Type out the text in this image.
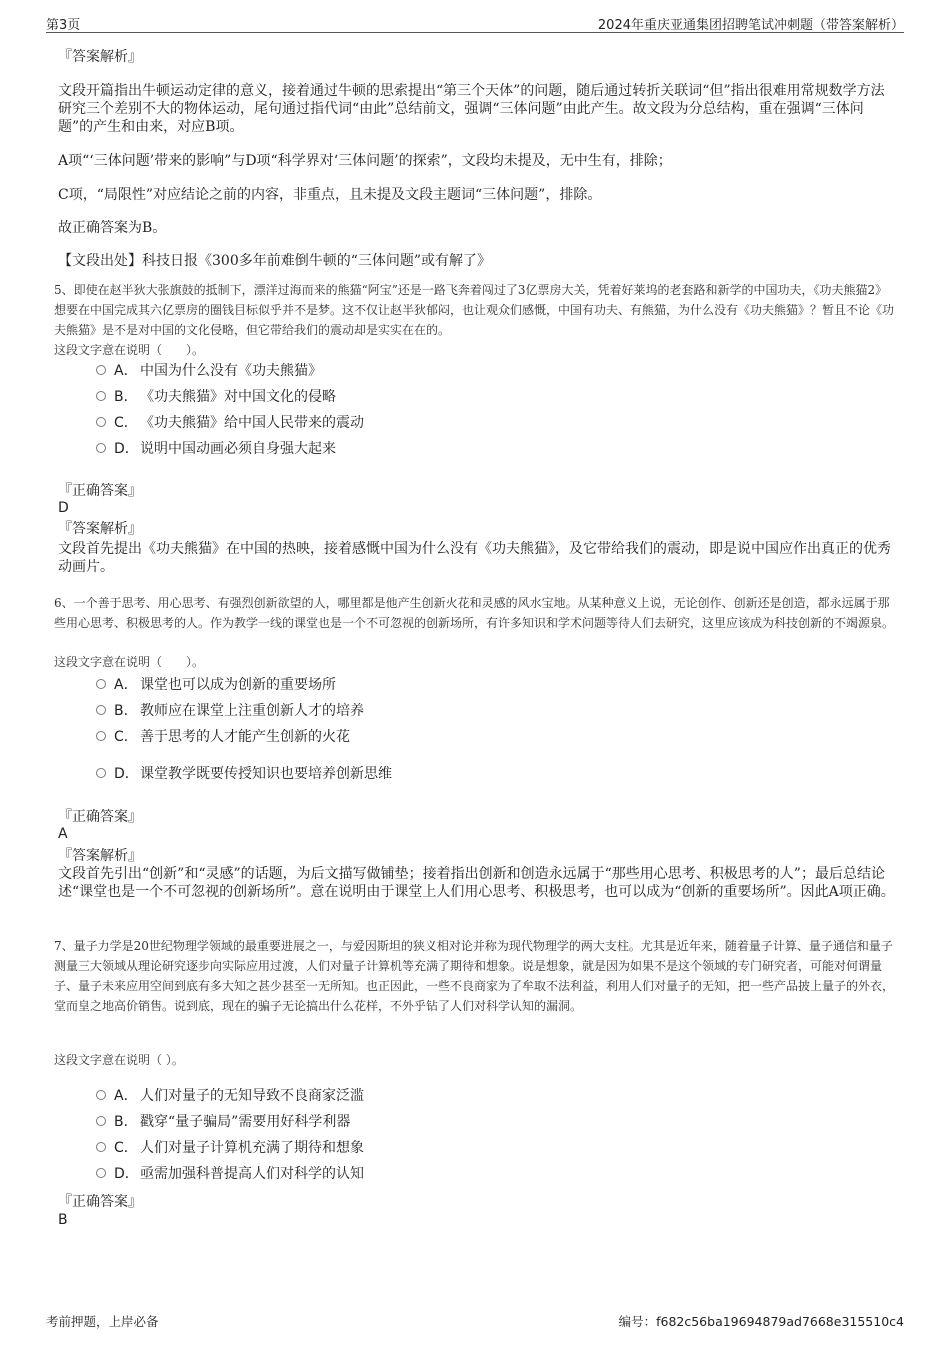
第3页	2024年重庆亚通集团招聘笔试冲刺题（带答案解析）
『答案解析』
文段开篇指出牛顿运动定律的意义，接着通过牛顿的思索提出“第三个天体”的问题，随后通过转折关联词“但”指出很难用常规数学方法研究三个差别不大的物体运动，尾句通过指代词“由此”总结前文，强调“三体问题”由此产生。故文段为分总结构，重在强调“三体问题”的产生和由来，对应B项。
A项“‘三体问题’带来的影响”与D项“科学界对‘三体问题’的探索”，文段均未提及，无中生有，排除；
C项，“局限性”对应结论之前的内容，非重点，且未提及文段主题词“三体问题”，排除。
故正确答案为B。
【文段出处】科技日报《300多年前难倒牛顿的“三体问题”或有解了》
5、即使在赵半狄大张旗鼓的抵制下，漂洋过海而来的熊猫“阿宝”还是一路飞奔着闯过了3亿票房大关，凭着好莱坞的老套路和新学的中国功夫，《功夫熊猫2》想要在中国完成其六亿票房的圈钱目标似乎并不是梦。这不仅让赵半狄郁闷，也让观众们感慨，中国有功夫、有熊猫，为什么没有《功夫熊猫》？暂且不论《功夫熊猫》是不是对中国的文化侵略，但它带给我们的震动却是实实在在的。
这段文字意在说明（　　）。
A． 中国为什么没有《功夫熊猫》
B． 《功夫熊猫》对中国文化的侵略
C． 《功夫熊猫》给中国人民带来的震动
D．说明中国动画必须自身强大起来
『正确答案』
D
『答案解析』
文段首先提出《功夫熊猫》在中国的热映，接着感慨中国为什么没有《功夫熊猫》，及它带给我们的震动，即是说中国应作出真正的优秀动画片。
6、一个善于思考、用心思考、有强烈创新欲望的人，哪里都是他产生创新火花和灵感的风水宝地。从某种意义上说，无论创作、创新还是创造，都永远属于那些用心思考、积极思考的人。作为教学一线的课堂也是一个不可忽视的创新场所，有许多知识和学术问题等待人们去研究，这里应该成为科技创新的不竭源泉。
这段文字意在说明（　　）。
A． 课堂也可以成为创新的重要场所
B． 教师应在课堂上注重创新人才的培养
C． 善于思考的人才能产生创新的火花
D．课堂教学既要传授知识也要培养创新思维
『正确答案』
A
『答案解析』
文段首先引出“创新”和“灵感”的话题，为后文描写做铺垫；接着指出创新和创造永远属于“那些用心思考、积极思考的人”；最后总结论述“课堂也是一个不可忽视的创新场所”。意在说明由于课堂上人们用心思考、积极思考，也可以成为“创新的重要场所”。因此A项正确。
7、量子力学是20世纪物理学领域的最重要进展之一，与爱因斯坦的狭义相对论并称为现代物理学的两大支柱。尤其是近年来，随着量子计算、量子通信和量子测量三大领域从理论研究逐步向实际应用过渡，人们对量子计算机等充满了期待和想象。说是想象，就是因为如果不是这个领域的专门研究者，可能对何谓量子、量子未来应用空间到底有多大知之甚少甚至一无所知。也正因此，一些不良商家为了牟取不法利益，利用人们对量子的无知，把一些产品披上量子的外衣，堂而皇之地高价销售。说到底，现在的骗子无论搞出什么花样，不外乎钻了人们对科学认知的漏洞。
这段文字意在说明（ ）。
A． 人们对量子的无知导致不良商家泛滥
B． 戳穿“量子骗局”需要用好科学利器
C． 人们对量子计算机充满了期待和想象
D．亟需加强科普提高人们对科学的认知
『正确答案』
B
考前押题，上岸必备	编号：f682c56ba19694879ad7668e315510c4
